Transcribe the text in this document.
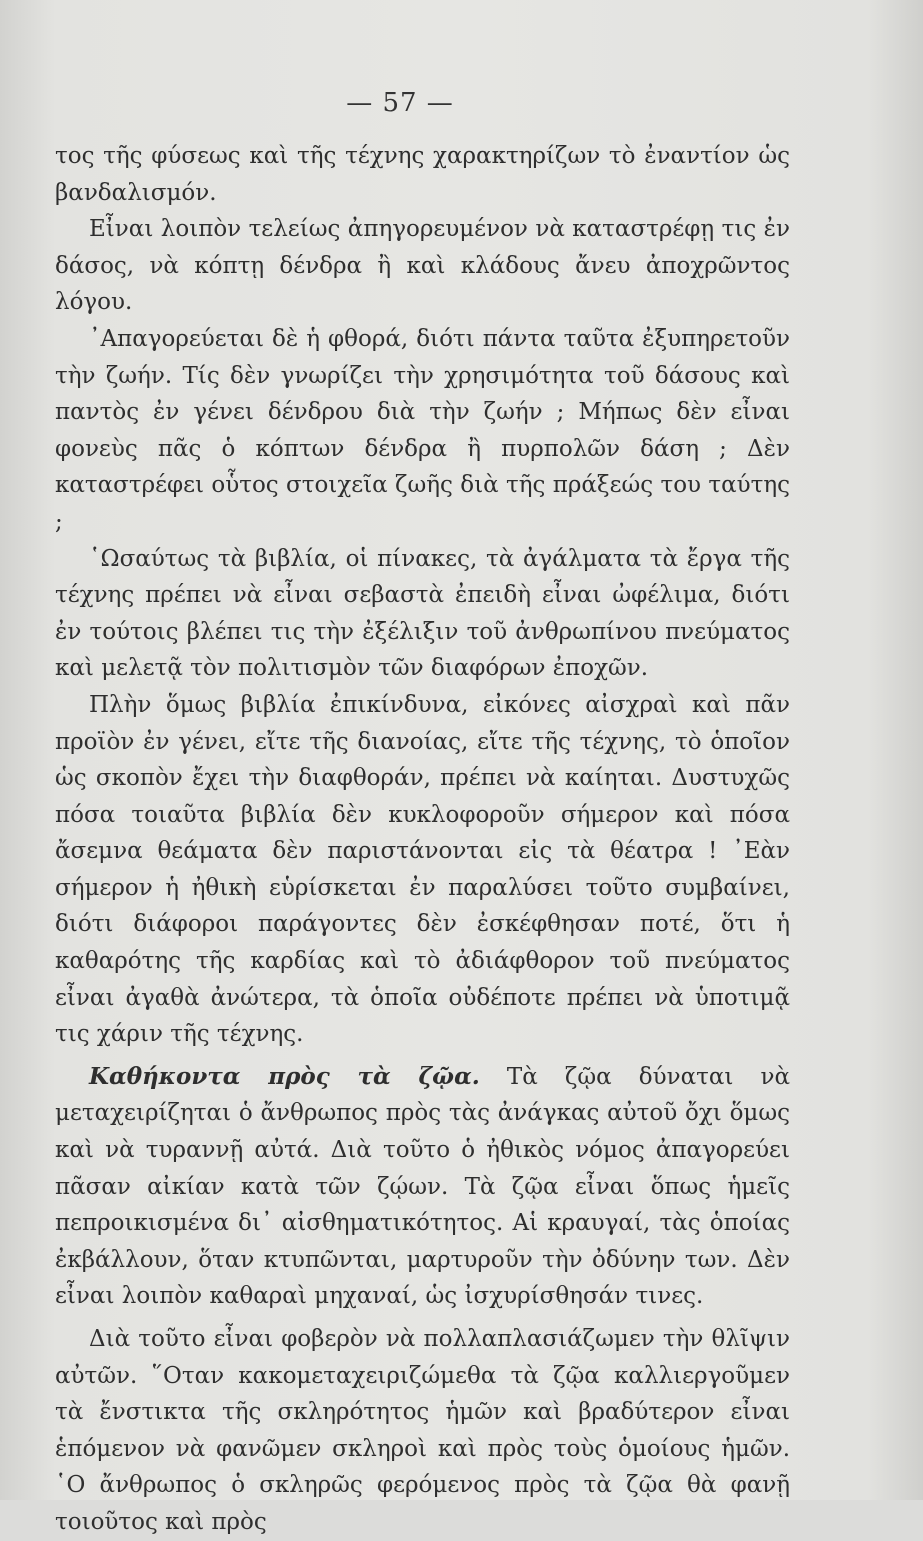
— 57 —

τος τῆς φύσεως καὶ τῆς τέχνης χαρακτηρίζων τὸ ἐναντίον ὡς βανδαλισμόν.

Εἶναι λοιπὸν τελείως ἀπηγορευμένον νὰ καταστρέφῃ τις ἐν δάσος, νὰ κόπτῃ δένδρα ἢ καὶ κλάδους ἄνευ ἀποχρῶντος λόγου.

᾿Απαγορεύεται δὲ ἡ φθορά, διότι πάντα ταῦτα ἐξυπηρετοῦν τὴν ζωήν. Τίς δὲν γνωρίζει τὴν χρησιμότητα τοῦ δάσους καὶ παντὸς ἐν γένει δένδρου διὰ τὴν ζωήν ; Μήπως δὲν εἶναι φονεὺς πᾶς ὁ κόπτων δένδρα ἢ πυρπολῶν δάση ; Δὲν καταστρέφει οὗτος στοιχεῖα ζωῆς διὰ τῆς πράξεώς του ταύτης ;

῾Ωσαύτως τὰ βιβλία, οἱ πίνακες, τὰ ἀγάλματα τὰ ἔργα τῆς τέχνης πρέπει νὰ εἶναι σεβαστὰ ἐπειδὴ εἶναι ὠφέλιμα, διότι ἐν τούτοις βλέπει τις τὴν ἐξέλιξιν τοῦ ἀνθρωπίνου πνεύματος καὶ μελετᾷ τὸν πολιτισμὸν τῶν διαφόρων ἐποχῶν.

Πλὴν ὅμως βιβλία ἐπικίνδυνα, εἰκόνες αἰσχραὶ καὶ πᾶν προϊὸν ἐν γένει, εἴτε τῆς διανοίας, εἴτε τῆς τέχνης, τὸ ὁποῖον ὡς σκοπὸν ἔχει τὴν διαφθοράν, πρέπει νὰ καίηται. Δυστυχῶς πόσα τοιαῦτα βιβλία δὲν κυκλοφοροῦν σήμερον καὶ πόσα ἄσεμνα θεάματα δὲν παριστάνονται εἰς τὰ θέατρα ! ᾿Εὰν σήμερον ἡ ἠθικὴ εὑρίσκεται ἐν παραλύσει τοῦτο συμβαίνει, διότι διάφοροι παράγοντες δὲν ἐσκέφθησαν ποτέ, ὅτι ἡ καθαρότης τῆς καρδίας καὶ τὸ ἀδιάφθορον τοῦ πνεύματος εἶναι ἀγαθὰ ἀνώτερα, τὰ ὁποῖα οὐδέποτε πρέπει νὰ ὑποτιμᾷ τις χάριν τῆς τέχνης.

Καθήκοντα πρὸς τὰ ζῷα. Τὰ ζῷα δύναται νὰ μεταχειρίζηται ὁ ἄνθρωπος πρὸς τὰς ἀνάγκας αὐτοῦ ὄχι ὅμως καὶ νὰ τυραννῇ αὐτά. Διὰ τοῦτο ὁ ἠθικὸς νόμος ἀπαγορεύει πᾶσαν αἰκίαν κατὰ τῶν ζῴων. Τὰ ζῷα εἶναι ὅπως ἡμεῖς πεπροικισμένα δι᾽ αἰσθηματικότητος. Αἱ κραυγαί, τὰς ὁποίας ἐκβάλλουν, ὅταν κτυπῶνται, μαρτυροῦν τὴν ὀδύνην των. Δὲν εἶναι λοιπὸν καθαραὶ μηχαναί, ὡς ἰσχυρίσθησάν τινες.

Διὰ τοῦτο εἶναι φοβερὸν νὰ πολλαπλασιάζωμεν τὴν θλῖψιν αὐτῶν. ῞Οταν κακομεταχειριζώμεθα τὰ ζῷα καλλιεργοῦμεν τὰ ἔνστικτα τῆς σκληρότητος ἡμῶν καὶ βραδύτερον εἶναι ἑπόμενον νὰ φανῶμεν σκληροὶ καὶ πρὸς τοὺς ὁμοίους ἡμῶν. ῾Ο ἄνθρωπος ὁ σκληρῶς φερόμενος πρὸς τὰ ζῷα θὰ φανῇ τοιοῦτος καὶ πρὸς
